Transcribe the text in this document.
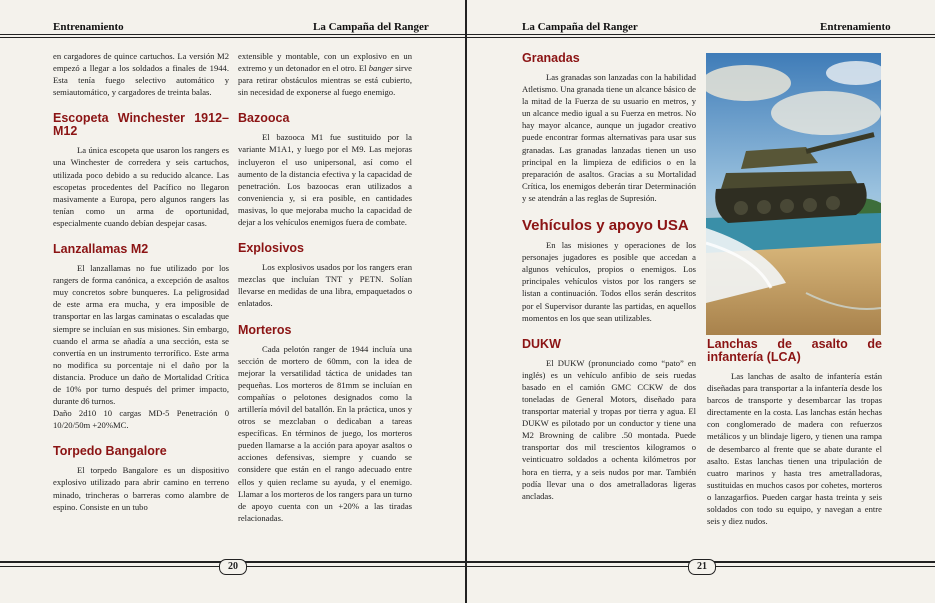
Entrenamiento	La Campaña del Ranger

en cargadores de quince cartuchos. La versión M2 empezó a llegar a los soldados a finales de 1944. Esta tenía fuego selectivo automático y semiautomático, y cargadores de treinta balas.

Escopeta Winchester 1912–M12

La única escopeta que usaron los rangers es una Winchester de corredera y seis cartuchos, utilizada poco debido a su reducido alcance. Las escopetas procedentes del Pacífico no llegaron masivamente a Europa, pero algunos rangers las tenían como un arma de oportunidad, especialmente cuando debían despejar casas.

Lanzallamas M2

El lanzallamas no fue utilizado por los rangers de forma canónica, a excepción de asaltos muy concretos sobre bunqueres. La peligrosidad de este arma era mucha, y era imposible de transportar en las largas caminatas o escaladas que siempre se incluían en sus misiones. Sin embargo, cuando el arma se añadía a una sección, esta se convertía en un instrumento terrorífico. Este arma no modifica su porcentaje ni el daño por la distancia. Produce un daño de Mortalidad Crítica de 10% por turno después del primer impacto, durante d6 turnos.

Daño 2d10 10 cargas MD-5 Penetración 0 10/20/50m +20%MC.

Torpedo Bangalore

El torpedo Bangalore es un dispositivo explosivo utilizado para abrir camino en terreno minado, trincheras o barreras como alambre de espino. Consiste en un tubo

extensible y montable, con un explosivo en un extremo y un detonador en el otro. El banger sirve para retirar obstáculos mientras se está cubierto, sin necesidad de exponerse al fuego enemigo.

Bazooca

El bazooca M1 fue sustituido por la variante M1A1, y luego por el M9. Las mejoras incluyeron el uso unipersonal, así como el aumento de la distancia efectiva y la capacidad de penetración. Los bazoocas eran utilizados a conveniencia y, si era posible, en cantidades masivas, lo que mejoraba mucho la capacidad de dejar a los vehículos enemigos fuera de combate.

Explosivos

Los explosivos usados por los rangers eran mezclas que incluían TNT y PETN. Solían llevarse en medidas de una libra, empaquetados o enlatados.

Morteros

Cada pelotón ranger de 1944 incluía una sección de mortero de 60mm, con la idea de mejorar la versatilidad táctica de unidades tan pequeñas. Los morteros de 81mm se incluían en compañías o pelotones designados como la artillería móvil del batallón. En la práctica, unos y otros se mezclaban o dedicaban a tareas específicas. En términos de juego, los morteros pueden llamarse a la acción para apoyar asaltos o acciones defensivas, siempre y cuando se considere que están en el rango adecuado entre ellos y quien reclame su ayuda, y el enemigo. Llamar a los morteros de los rangers para un turno de apoyo cuenta con un +20% a las tiradas relacionadas.

20
La Campaña del Ranger	Entrenamiento
Granadas

Las granadas son lanzadas con la habilidad Atletismo. Una granada tiene un alcance básico de la mitad de la Fuerza de su usuario en metros, y un alcance medio igual a su Fuerza en metros. No hay mayor alcance, aunque un jugador creativo puede encontrar formas alternativas para usar sus granadas. Las granadas lanzadas tienen un uso principal en la limpieza de edificios o en la preparación de asaltos. Gracias a su Mortalidad Crítica, los enemigos deberán tirar Determinación y se atendrán a las reglas de Supresión.

Vehículos y apoyo USA

En las misiones y operaciones de los personajes jugadores es posible que accedan a algunos vehículos, propios o enemigos. Los principales vehículos vistos por los rangers se listan a continuación. Todos ellos serán descritos por el Supervisor durante las partidas, en aquellos momentos en los que sean utilizables.

DUKW

El DUKW (pronunciado como “pato” en inglés) es un vehículo anfibio de seis ruedas basado en el camión GMC CCKW de dos toneladas de General Motors, diseñado para transportar material y tropas por tierra y agua. El DUKW es pilotado por un conductor y tiene una M2 Browning de calibre .50 montada. Puede transportar dos mil trescientos kilogramos o veinticuatro soldados a ochenta kilómetros por hora en tierra, y a seis nudos por mar. También podía llevar una o dos ametralladoras ligeras ancladas.

Lanchas de asalto de infantería (LCA)

Las lanchas de asalto de infantería están diseñadas para transportar a la infantería desde los barcos de transporte y desembarcar las tropas directamente en la costa. Las lanchas están hechas con conglomerado de madera con refuerzos metálicos y un blindaje ligero, y tienen una rampa de desembarco al frente que se abate durante el asalto. Estas lanchas tienen una tripulación de cuatro marinos y hasta tres ametralladoras, sustituidas en muchos casos por cohetes, morteros o lanzagarfios. Pueden cargar hasta treinta y seis soldados con todo su equipo, y navegan a entre seis y diez nudos.

21
